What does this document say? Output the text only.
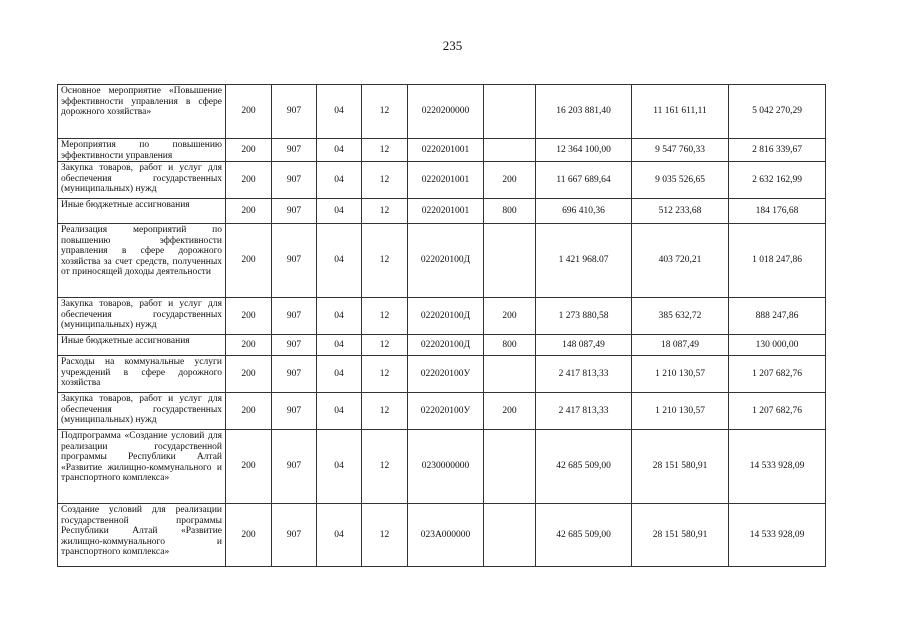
235
Основное мероприятие «Повышение эффективности управления в сфере дорожного хозяйства»	200	907	04	12	0220200000		16 203 881,40	11 161 611,11	5 042 270,29
Мероприятия по повышению эффективности управления	200	907	04	12	0220201001		12 364 100,00	9 547 760,33	2 816 339,67
Закупка товаров, работ и услуг для обеспечения государственных (муниципальных) нужд	200	907	04	12	0220201001	200	11 667 689,64	9 035 526,65	2 632 162,99
Иные бюджетные ассигнования	200	907	04	12	0220201001	800	696 410,36	512 233,68	184 176,68
Реализация мероприятий по повышению эффективности управления в сфере дорожного хозяйства за счет средств, полученных от приносящей доходы деятельности	200	907	04	12	022020100Д		1 421 968.07	403 720,21	1 018 247,86
Закупка товаров, работ и услуг для обеспечения государственных (муниципальных) нужд	200	907	04	12	022020100Д	200	1 273 880,58	385 632,72	888 247,86
Иные бюджетные ассигнования	200	907	04	12	022020100Д	800	148 087,49	18 087,49	130 000,00
Расходы на коммунальные услуги учреждений в сфере дорожного хозяйства	200	907	04	12	022020100У		2 417 813,33	1 210 130,57	1 207 682,76
Закупка товаров, работ и услуг для обеспечения государственных (муниципальных) нужд	200	907	04	12	022020100У	200	2 417 813,33	1 210 130,57	1 207 682,76
Подпрограмма «Создание условий для реализации государственной программы Республики Алтай «Развитие жилищно-коммунального и транспортного комплекса»	200	907	04	12	0230000000		42 685 509,00	28 151 580,91	14 533 928,09
Создание условий для реализации государственной программы Республики Алтай «Развитие жилищно-коммунального и транспортного комплекса»	200	907	04	12	023А000000		42 685 509,00	28 151 580,91	14 533 928,09
